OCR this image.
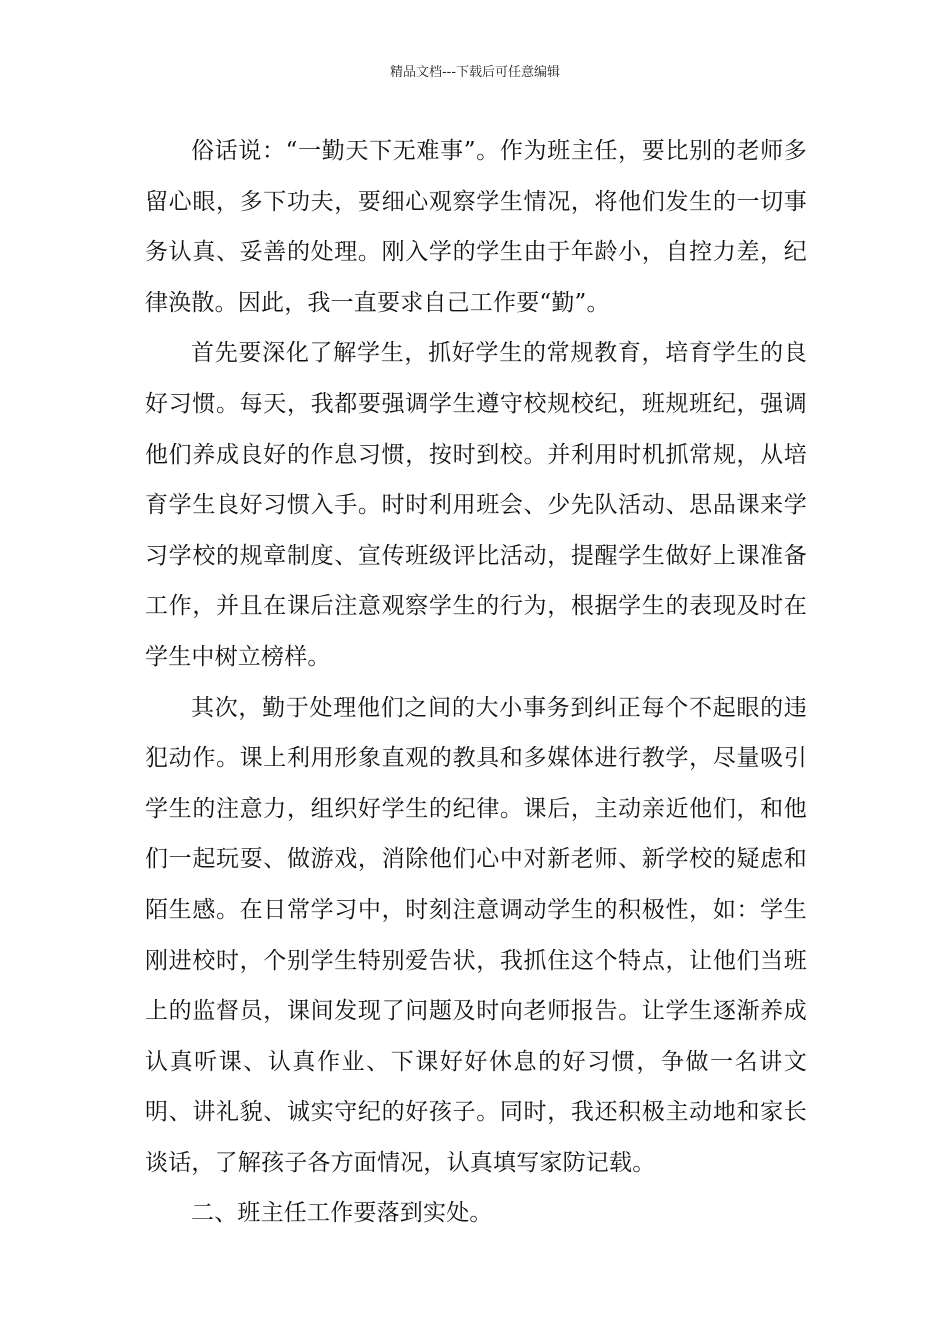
精品文档---下载后可任意编辑

俗话说：“一勤天下无难事”。作为班主任，要比别的老师多留心眼，多下功夫，要细心观察学生情况，将他们发生的一切事务认真、妥善的处理。刚入学的学生由于年龄小，自控力差，纪律涣散。因此，我一直要求自己工作要“勤”。

首先要深化了解学生，抓好学生的常规教育，培育学生的良好习惯。每天，我都要强调学生遵守校规校纪，班规班纪，强调他们养成良好的作息习惯，按时到校。并利用时机抓常规，从培育学生良好习惯入手。时时利用班会、少先队活动、思品课来学习学校的规章制度、宣传班级评比活动，提醒学生做好上课准备工作，并且在课后注意观察学生的行为，根据学生的表现及时在学生中树立榜样。

其次，勤于处理他们之间的大小事务到纠正每个不起眼的违犯动作。课上利用形象直观的教具和多媒体进行教学，尽量吸引学生的注意力，组织好学生的纪律。课后，主动亲近他们，和他们一起玩耍、做游戏，消除他们心中对新老师、新学校的疑虑和陌生感。在日常学习中，时刻注意调动学生的积极性，如：学生刚进校时，个别学生特别爱告状，我抓住这个特点，让他们当班上的监督员，课间发现了问题及时向老师报告。让学生逐渐养成认真听课、认真作业、下课好好休息的好习惯，争做一名讲文明、讲礼貌、诚实守纪的好孩子。同时，我还积极主动地和家长谈话，了解孩子各方面情况，认真填写家防记载。

二、班主任工作要落到实处。
